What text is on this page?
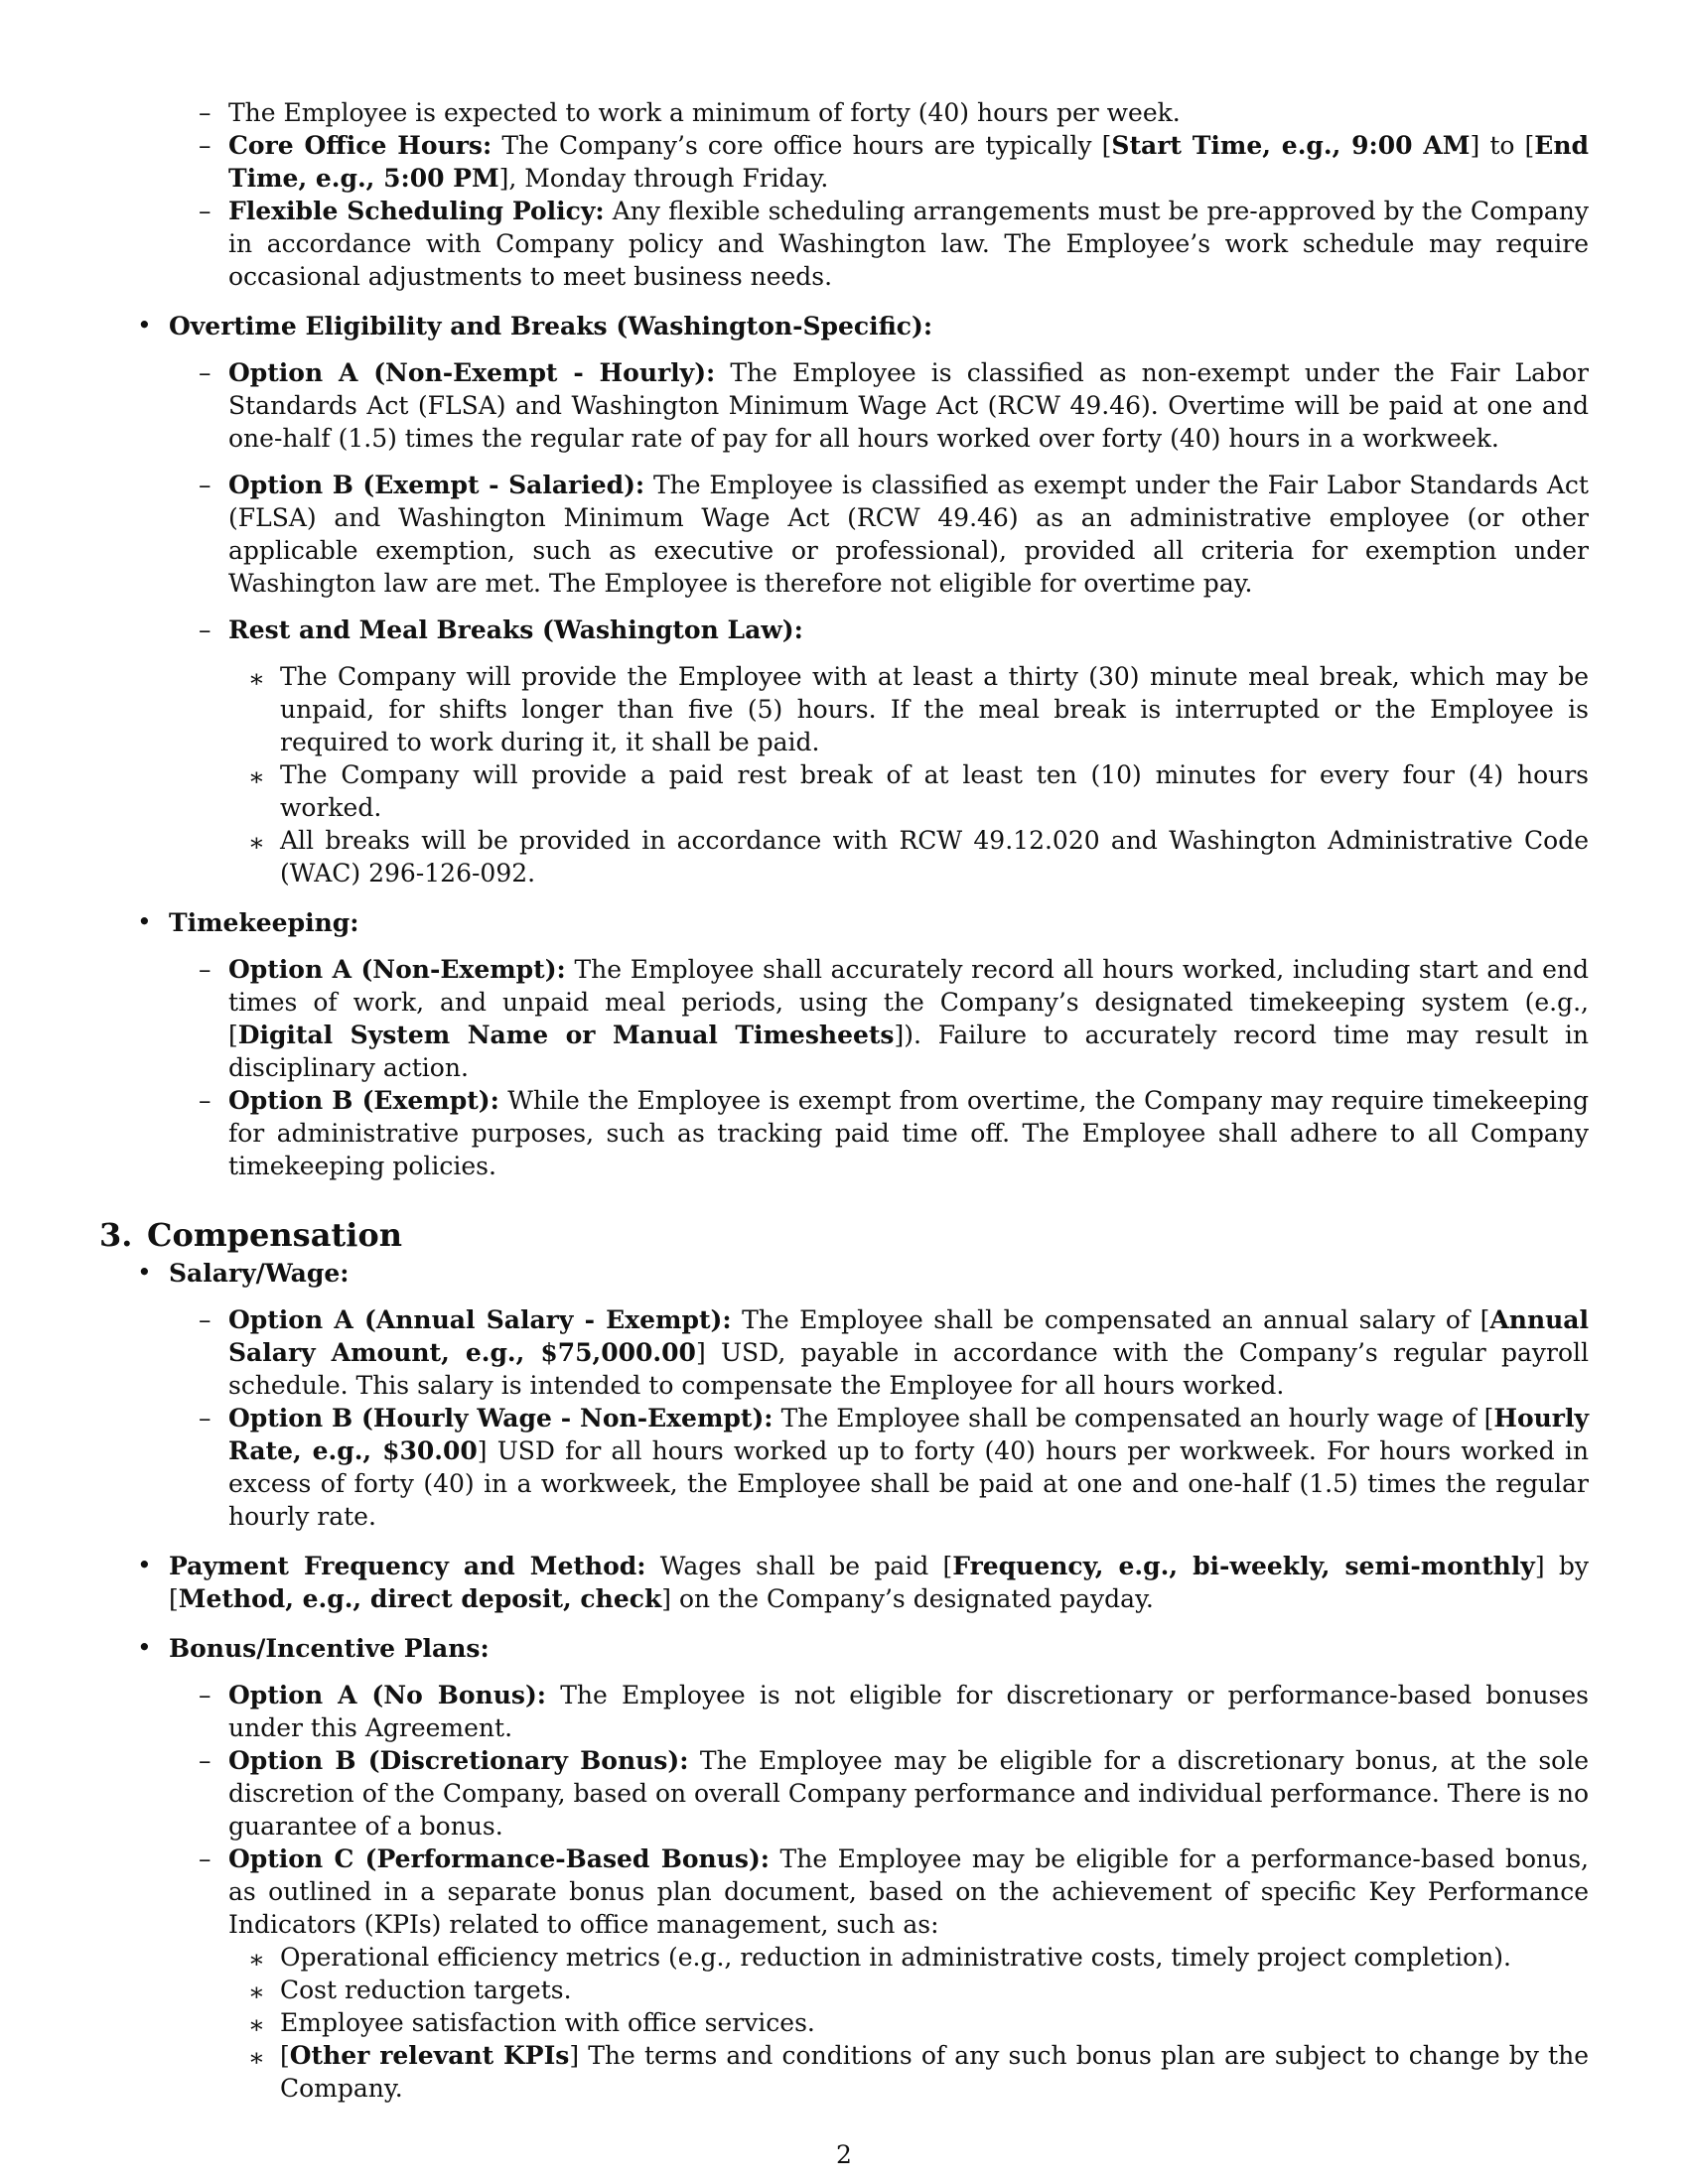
– The Employee is expected to work a minimum of forty (40) hours per week.
– Core Office Hours: The Company’s core office hours are typically [Start Time, e.g., 9:00 AM] to [End Time, e.g., 5:00 PM], Monday through Friday.
– Flexible Scheduling Policy: Any flexible scheduling arrangements must be pre-approved by the Company in accordance with Company policy and Washington law. The Employee’s work schedule may require occasional adjustments to meet business needs.
• Overtime Eligibility and Breaks (Washington-Specific):
– Option A (Non-Exempt - Hourly): The Employee is classified as non-exempt under the Fair Labor Standards Act (FLSA) and Washington Minimum Wage Act (RCW 49.46). Overtime will be paid at one and one-half (1.5) times the regular rate of pay for all hours worked over forty (40) hours in a workweek.
– Option B (Exempt - Salaried): The Employee is classified as exempt under the Fair Labor Standards Act (FLSA) and Washington Minimum Wage Act (RCW 49.46) as an administrative employee (or other applicable exemption, such as executive or professional), provided all criteria for exemption under Washington law are met. The Employee is therefore not eligible for overtime pay.
– Rest and Meal Breaks (Washington Law):
∗ The Company will provide the Employee with at least a thirty (30) minute meal break, which may be unpaid, for shifts longer than five (5) hours. If the meal break is interrupted or the Employee is required to work during it, it shall be paid.
∗ The Company will provide a paid rest break of at least ten (10) minutes for every four (4) hours worked.
∗ All breaks will be provided in accordance with RCW 49.12.020 and Washington Administrative Code (WAC) 296-126-092.
• Timekeeping:
– Option A (Non-Exempt): The Employee shall accurately record all hours worked, including start and end times of work, and unpaid meal periods, using the Company’s designated timekeeping system (e.g., [Digital System Name or Manual Timesheets]). Failure to accurately record time may result in disciplinary action.
– Option B (Exempt): While the Employee is exempt from overtime, the Company may require timekeeping for administrative purposes, such as tracking paid time off. The Employee shall adhere to all Company timekeeping policies.
3. Compensation
• Salary/Wage:
– Option A (Annual Salary - Exempt): The Employee shall be compensated an annual salary of [Annual Salary Amount, e.g., $75,000.00] USD, payable in accordance with the Company’s regular payroll schedule. This salary is intended to compensate the Employee for all hours worked.
– Option B (Hourly Wage - Non-Exempt): The Employee shall be compensated an hourly wage of [Hourly Rate, e.g., $30.00] USD for all hours worked up to forty (40) hours per workweek. For hours worked in excess of forty (40) in a workweek, the Employee shall be paid at one and one-half (1.5) times the regular hourly rate.
• Payment Frequency and Method: Wages shall be paid [Frequency, e.g., bi-weekly, semi-monthly] by [Method, e.g., direct deposit, check] on the Company’s designated payday.
• Bonus/Incentive Plans:
– Option A (No Bonus): The Employee is not eligible for discretionary or performance-based bonuses under this Agreement.
– Option B (Discretionary Bonus): The Employee may be eligible for a discretionary bonus, at the sole discretion of the Company, based on overall Company performance and individual performance. There is no guarantee of a bonus.
– Option C (Performance-Based Bonus): The Employee may be eligible for a performance-based bonus, as outlined in a separate bonus plan document, based on the achievement of specific Key Performance Indicators (KPIs) related to office management, such as:
∗ Operational efficiency metrics (e.g., reduction in administrative costs, timely project completion).
∗ Cost reduction targets.
∗ Employee satisfaction with office services.
∗ [Other relevant KPIs] The terms and conditions of any such bonus plan are subject to change by the Company.
2
